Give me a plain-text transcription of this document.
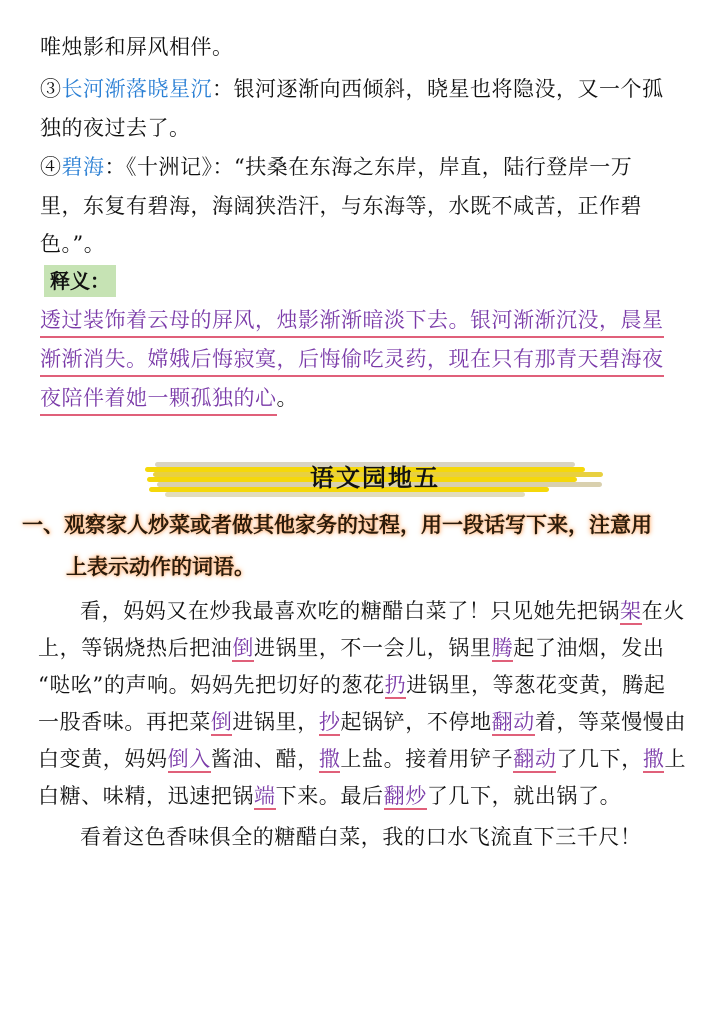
唯烛影和屏风相伴。
③长河渐落晓星沉：银河逐渐向西倾斜，晓星也将隐没，又一个孤
独的夜过去了。
④碧海：《十洲记》：“扶桑在东海之东岸，岸直，陆行登岸一万
里，东复有碧海，海阔狭浩汗，与东海等，水既不咸苦，正作碧
色。”。
释义：
透过装饰着云母的屏风，烛影渐渐暗淡下去。银河渐渐沉没，晨星
渐渐消失。嫦娥后悔寂寞，后悔偷吃灵药，现在只有那青天碧海夜
夜陪伴着她一颗孤独的心。
语文园地五
一、观察家人炒菜或者做其他家务的过程，用一段话写下来，注意用
上表示动作的词语。
看，妈妈又在炒我最喜欢吃的糖醋白菜了！只见她先把锅架在火
上，等锅烧热后把油倒进锅里，不一会儿，锅里腾起了油烟，发出
“哒吆”的声响。妈妈先把切好的葱花扔进锅里，等葱花变黄，腾起
一股香味。再把菜倒进锅里，抄起锅铲，不停地翻动着，等菜慢慢由
白变黄，妈妈倒入酱油、醋，撒上盐。接着用铲子翻动了几下，撒上
白糖、味精，迅速把锅端下来。最后翻炒了几下，就出锅了。
看着这色香味俱全的糖醋白菜，我的口水飞流直下三千尺！
